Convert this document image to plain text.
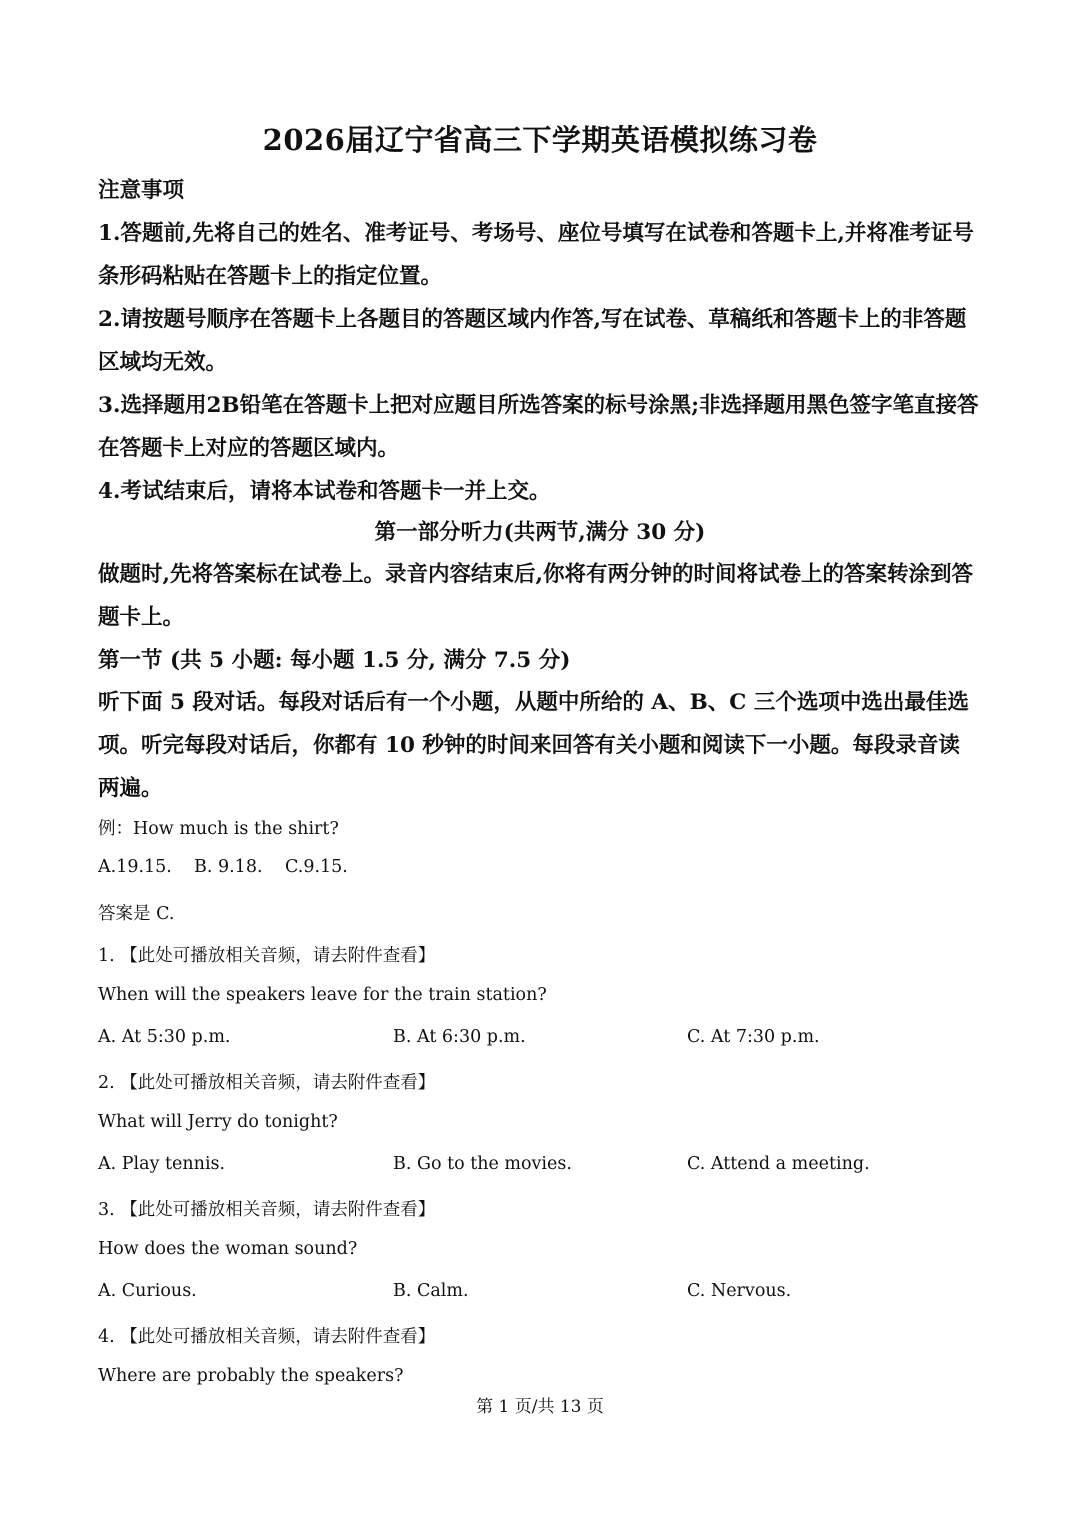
2026届辽宁省高三下学期英语模拟练习卷
注意事项
1.答题前,先将自己的姓名、准考证号、考场号、座位号填写在试卷和答题卡上,并将准考证号
条形码粘贴在答题卡上的指定位置。
2.请按题号顺序在答题卡上各题目的答题区域内作答,写在试卷、草稿纸和答题卡上的非答题
区域均无效。
3.选择题用2B铅笔在答题卡上把对应题目所选答案的标号涂黑;非选择题用黑色签字笔直接答
在答题卡上对应的答题区域内。
4.考试结束后，请将本试卷和答题卡一并上交。
第一部分听力(共两节,满分 30 分)
做题时,先将答案标在试卷上。录音内容结束后,你将有两分钟的时间将试卷上的答案转涂到答
题卡上。
第一节 (共 5 小题: 每小题 1.5 分, 满分 7.5 分)
听下面 5 段对话。每段对话后有一个小题，从题中所给的 A、B、C 三个选项中选出最佳选
项。听完每段对话后，你都有 10 秒钟的时间来回答有关小题和阅读下一小题。每段录音读
两遍。
例：How much is the shirt?
A.19.15. B. 9.18. C.9.15.
答案是 C.
1. 【此处可播放相关音频，请去附件查看】
When will the speakers leave for the train station?
A. At 5:30 p.m.	B. At 6:30 p.m.	C. At 7:30 p.m.
2. 【此处可播放相关音频，请去附件查看】
What will Jerry do tonight?
A. Play tennis.	B. Go to the movies.	C. Attend a meeting.
3. 【此处可播放相关音频，请去附件查看】
How does the woman sound?
A. Curious.	B. Calm.	C. Nervous.
4. 【此处可播放相关音频，请去附件查看】
Where are probably the speakers?
第 1 页/共 13 页
